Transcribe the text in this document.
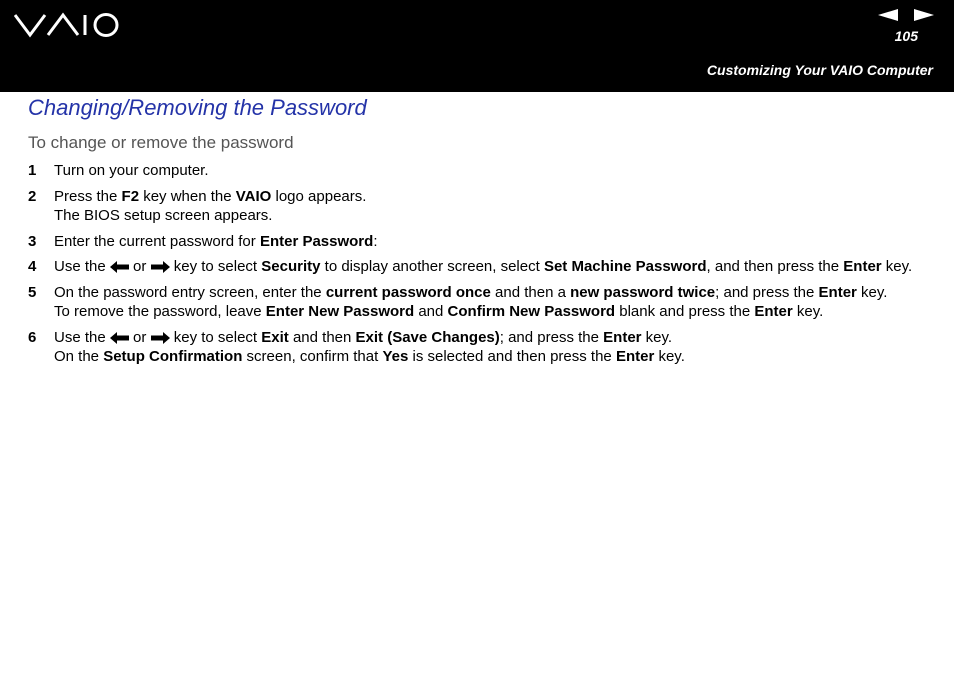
105
Customizing Your VAIO Computer
Changing/Removing the Password
To change or remove the password
1 Turn on your computer.
2 Press the F2 key when the VAIO logo appears.
The BIOS setup screen appears.
3 Enter the current password for Enter Password:
4 Use the  or  key to select Security to display another screen, select Set Machine Password, and then press the Enter key.
5 On the password entry screen, enter the current password once and then a new password twice; and press the Enter key.
To remove the password, leave Enter New Password and Confirm New Password blank and press the Enter key.
6 Use the  or  key to select Exit and then Exit (Save Changes); and press the Enter key.
On the Setup Confirmation screen, confirm that Yes is selected and then press the Enter key.
